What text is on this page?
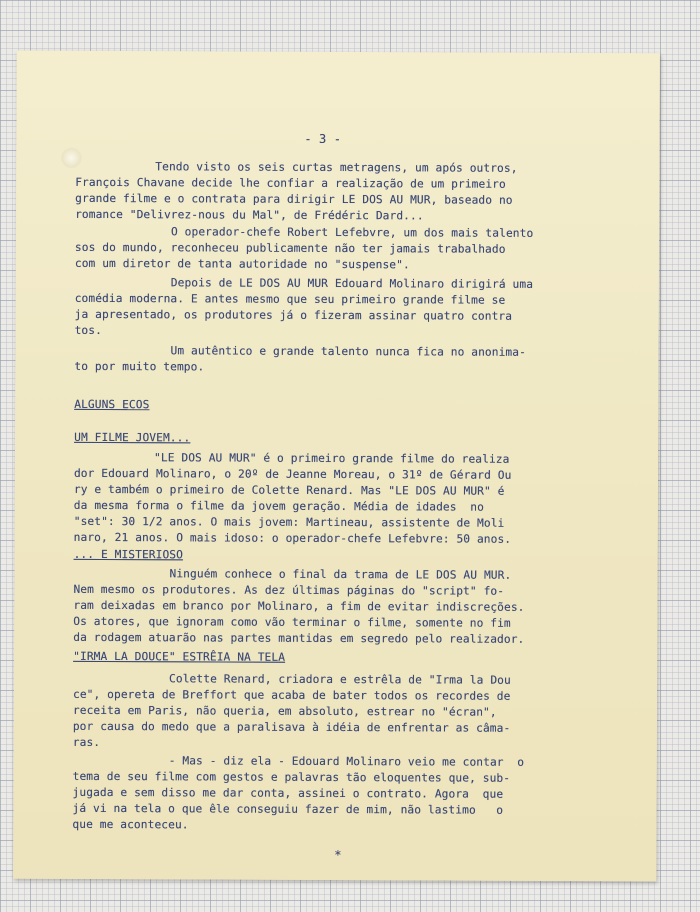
- 3 -
Tendo visto os seis curtas metragens, um após outros,
François Chavane decide lhe confiar a realização de um primeiro
grande filme e o contrata para dirigir LE DOS AU MUR, baseado no
romance "Delivrez-nous du Mal", de Frédéric Dard...
O operador-chefe Robert Lefebvre, um dos mais talento
sos do mundo, reconheceu publicamente não ter jamais trabalhado
com um diretor de tanta autoridade no "suspense".
Depois de LE DOS AU MUR Edouard Molinaro dirigirá uma
comédia moderna. E antes mesmo que seu primeiro grande filme se
ja apresentado, os produtores já o fizeram assinar quatro contra
tos.
Um autêntico e grande talento nunca fica no anonima-
to por muito tempo.
ALGUNS ECOS
UM FILME JOVEM...
"LE DOS AU MUR" é o primeiro grande filme do realiza
dor Edouard Molinaro, o 20º de Jeanne Moreau, o 31º de Gérard Ou
ry e também o primeiro de Colette Renard. Mas "LE DOS AU MUR" é
da mesma forma o filme da jovem geração. Média de idades  no
"set": 30 1/2 anos. O mais jovem: Martineau, assistente de Moli
naro, 21 anos. O mais idoso: o operador-chefe Lefebvre: 50 anos.
... E MISTERIOSO
Ninguém conhece o final da trama de LE DOS AU MUR.
Nem mesmo os produtores. As dez últimas páginas do "script" fo-
ram deixadas em branco por Molinaro, a fim de evitar indiscreções.
Os atores, que ignoram como vão terminar o filme, somente no fim
da rodagem atuarão nas partes mantidas em segredo pelo realizador.
"IRMA LA DOUCE" ESTRÊIA NA TELA
Colette Renard, criadora e estrêla de "Irma la Dou
ce", opereta de Breffort que acaba de bater todos os recordes de
receita em Paris, não queria, em absoluto, estrear no "écran",
por causa do medo que a paralisava à idéia de enfrentar as câma-
ras.
- Mas - diz ela - Edouard Molinaro veio me contar  o
tema de seu filme com gestos e palavras tão eloquentes que, sub-
jugada e sem disso me dar conta, assinei o contrato. Agora  que
já vi na tela o que êle conseguiu fazer de mim, não lastimo   o
que me aconteceu.
*
